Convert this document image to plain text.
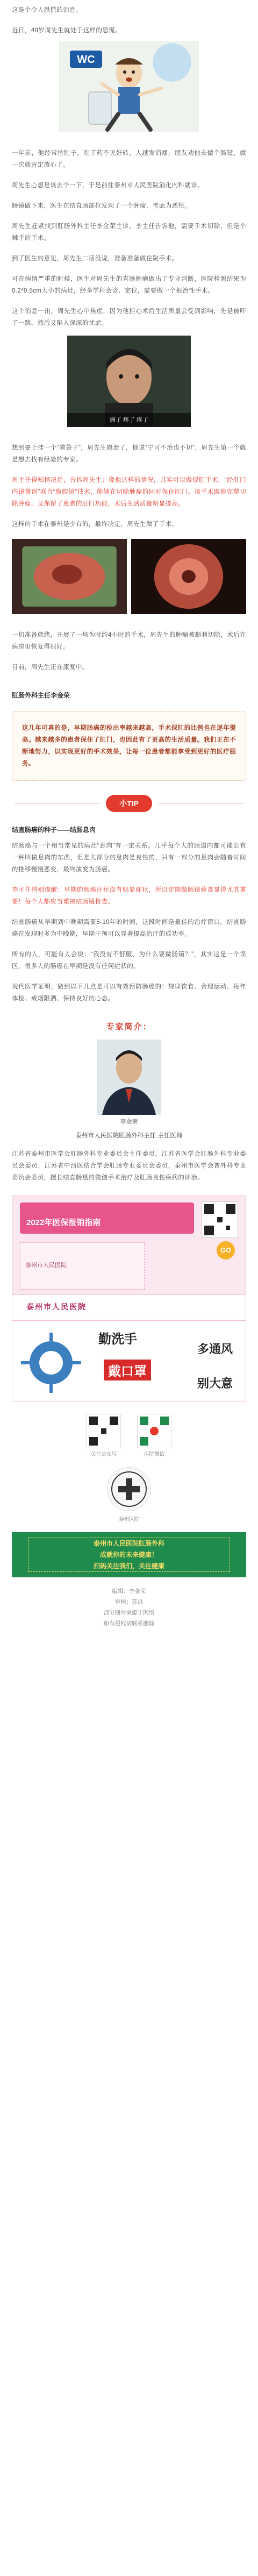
这是个令人恐慌的消息。

近日，40岁周先生就处于这样的恐慌。

WC

一年前，他经常拉肚子，吃了药不见好转，人越发消瘦，朋友劝他去做个肠镜，做一次就肯定放心了。

周先生心想是该去个一下，于是前往泰州市人民医院消化内科就诊。

肠镜做下来，医生在结直肠部位发现了一个肿瘤，考虑为恶性。

周先生赶紧找到肛肠外科主任李金荣主诊，李主任告诉他，需要手术切除，但是个棘手的手术。

到了医生的意见，周先生二话没说，准备准备做住院手术。

可在病情严重的时候，医生对周先生的直肠肿瘤做出了专业判断，医院检测结果为0.2*0.5cm大小的病灶，经多学科会诊、定位，需要做一个根治性手术。

这个消息一出，周先生心中焦虑，因为他担心术后生活质量会受到影响，先是被吓了一跳，然后又陷入深深的忧虑。

痛了 疼了 疼了

想到要上挂一个“粪袋子”，周先生崩溃了，他说“宁可不治也不切”，周先生第一个就是想去找有经验的专家。

周主任得知情况后，告诉周先生：像他这样的情况，其实可以做保肛手术，“经肛门内镜微创”联合“腹腔镜”技术，能够在切除肿瘤的同时保住肛门。该手术既能完整切除肿瘤，又保留了患者的肛门功能，术后生活质量明显提高。

这样的手术在泰州是少有的，最终决定，周先生做了手术。

一切准备就绪，开展了一场为时约4小时的手术，周先生的肿瘤被顺利切除，术后在病房里恢复得很好。

目前，周先生正在康复中。

肛肠外科主任李金荣

这几年可喜的是，早期肠癌的检出率越来越高，手术保肛的比例也在逐年提高。越来越多的患者保住了肛门，也因此有了更高的生活质量。我们正在不断地努力，以实现更好的手术效果，让每一位患者都能享受到更好的医疗服务。

小TIP

结直肠癌的种子——结肠息肉

结肠癌与一个相当常见的病灶“息肉”有一定关系。几乎每个人的肠道内都可能长有一种叫做息肉的东西，但是大部分的息肉是良性的，只有一部分的息肉会随着时间的推移慢慢恶变，最终演变为肠癌。

李主任特别提醒：早期的肠癌往往没有明显症状，所以定期做肠镜检查显得尤其重要！每个人都应当重视结肠镜检查。

结直肠癌从早期到中晚期需要5-10年的时间，这段时间是最佳的治疗窗口。结直肠癌在发现时多为中晚期，早期干预可以显著提高治疗的成功率。

所有的人，可能有人会说：“我没有不舒服，为什么要做肠镜？”，其实这是一个误区，很多人的肠癌在早期是没有任何症状的。

现代医学证明，做到以下几点是可以有效预防肠癌的：规律饮食、合理运动、每年体检、戒烟限酒、保持良好的心态。

专家简介：
李金荣

泰州市人民医院肛肠外科主任 主任医师

江苏省泰州市医学会肛肠外科专业委员会主任委员，江苏省医学会肛肠外科专业委员会委员，江苏省中西医结合学会肛肠专业委员会委员，泰州市医学会普外科专业委员会委员，擅长结直肠癌的微创手术治疗及肛肠良性疾病的诊治。

2022年医保报销指南
GO
泰州市人民医院
泰州市人民医院
勤洗手
多通风
戴口罩
别大意
关注公众号	医院微信
泰州医院
泰州市人民医院肛肠外科
成就你的未来健康！
扫码关注我们，关注健康
编辑：李金荣
审核：苏洪
部分图片来源于网络
如有侵权请联系删除
